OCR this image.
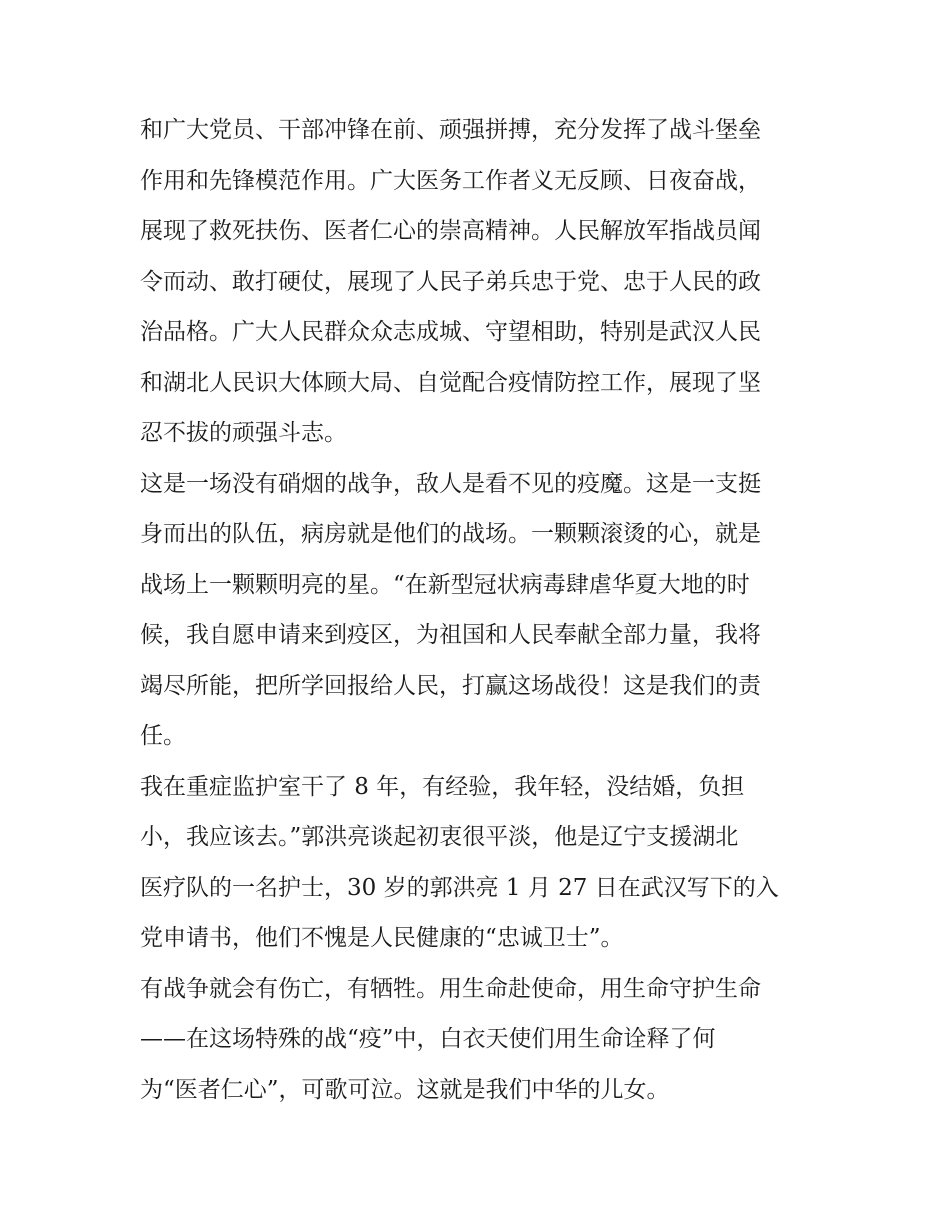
和广大党员、干部冲锋在前、顽强拼搏，充分发挥了战斗堡垒
作用和先锋模范作用。广大医务工作者义无反顾、日夜奋战，
展现了救死扶伤、医者仁心的崇高精神。人民解放军指战员闻
令而动、敢打硬仗，展现了人民子弟兵忠于党、忠于人民的政
治品格。广大人民群众众志成城、守望相助，特别是武汉人民
和湖北人民识大体顾大局、自觉配合疫情防控工作，展现了坚
忍不拔的顽强斗志。
这是一场没有硝烟的战争，敌人是看不见的疫魔。这是一支挺
身而出的队伍，病房就是他们的战场。一颗颗滚烫的心，就是
战场上一颗颗明亮的星。“在新型冠状病毒肆虐华夏大地的时
候，我自愿申请来到疫区，为祖国和人民奉献全部力量，我将
竭尽所能，把所学回报给人民，打赢这场战役！这是我们的责
任。
我在重症监护室干了 8 年，有经验，我年轻，没结婚，负担
小，我应该去。”郭洪亮谈起初衷很平淡，他是辽宁支援湖北
医疗队的一名护士，30 岁的郭洪亮 1 月 27 日在武汉写下的入
党申请书，他们不愧是人民健康的“忠诚卫士”。
有战争就会有伤亡，有牺牲。用生命赴使命，用生命守护生命
——在这场特殊的战“疫”中，白衣天使们用生命诠释了何
为“医者仁心”，可歌可泣。这就是我们中华的儿女。
